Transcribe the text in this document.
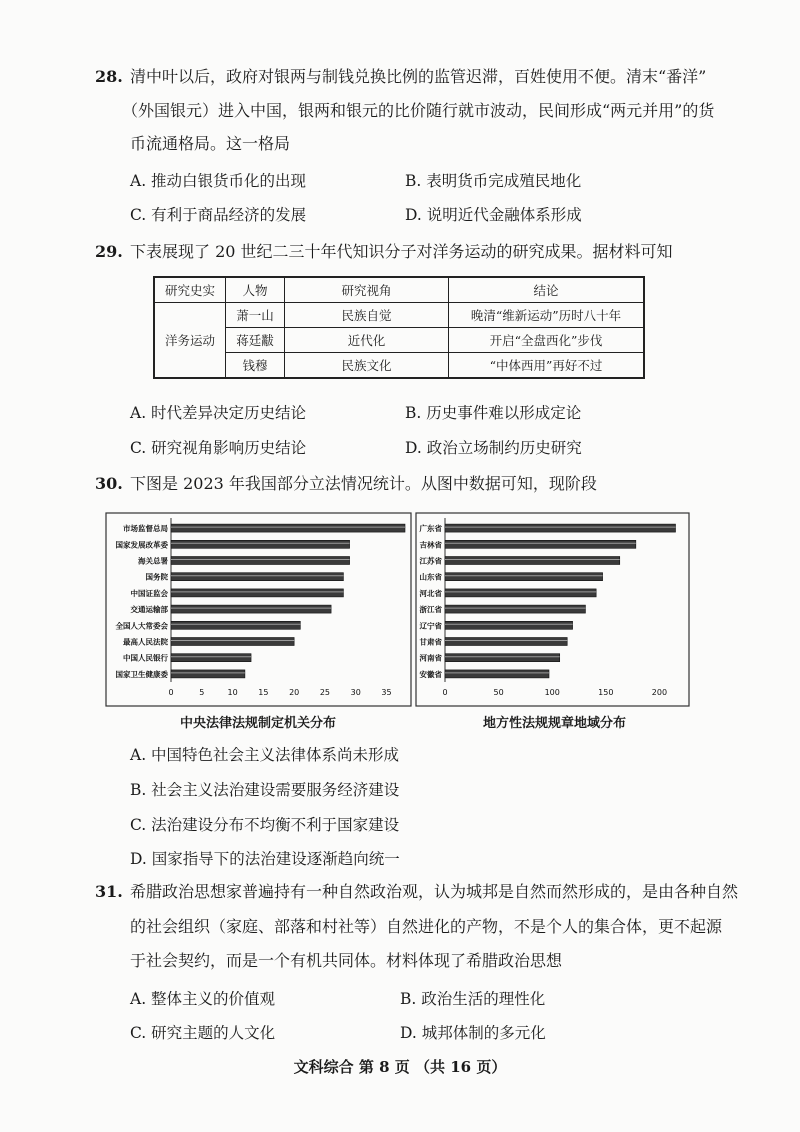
28. 清中叶以后，政府对银两与制钱兑换比例的监管迟滞，百姓使用不便。清末“番洋”
（外国银元）进入中国，银两和银元的比价随行就市波动，民间形成“两元并用”的货
币流通格局。这一格局
A. 推动白银货币化的出现	B. 表明货币完成殖民地化
C. 有利于商品经济的发展	D. 说明近代金融体系形成
29. 下表展现了 20 世纪二三十年代知识分子对洋务运动的研究成果。据材料可知
研究史实	人物	研究视角	结论
洋务运动	萧一山	民族自觉	晚清“维新运动”历时八十年
	蒋廷黻	近代化	开启“全盘西化”步伐
	钱穆	民族文化	“中体西用”再好不过
A. 时代差异决定历史结论	B. 历史事件难以形成定论
C. 研究视角影响历史结论	D. 政治立场制约历史研究
30. 下图是 2023 年我国部分立法情况统计。从图中数据可知，现阶段
市场监督总局
国家发展改革委
海关总署
国务院
中国证监会
交通运输部
全国人大常委会
最高人民法院
中国人民银行
国家卫生健康委
0	5	10	15	20	25	30	35
广东省
吉林省
江苏省
山东省
河北省
浙江省
辽宁省
甘肃省
河南省
安徽省
0	50	100	150	200
中央法律法规制定机关分布	地方性法规规章地域分布
A. 中国特色社会主义法律体系尚未形成
B. 社会主义法治建设需要服务经济建设
C. 法治建设分布不均衡不利于国家建设
D. 国家指导下的法治建设逐渐趋向统一
31. 希腊政治思想家普遍持有一种自然政治观，认为城邦是自然而然形成的，是由各种自然
的社会组织（家庭、部落和村社等）自然进化的产物，不是个人的集合体，更不起源
于社会契约，而是一个有机共同体。材料体现了希腊政治思想
A. 整体主义的价值观	B. 政治生活的理性化
C. 研究主题的人文化	D. 城邦体制的多元化
文科综合 第 8 页 （共 16 页）
